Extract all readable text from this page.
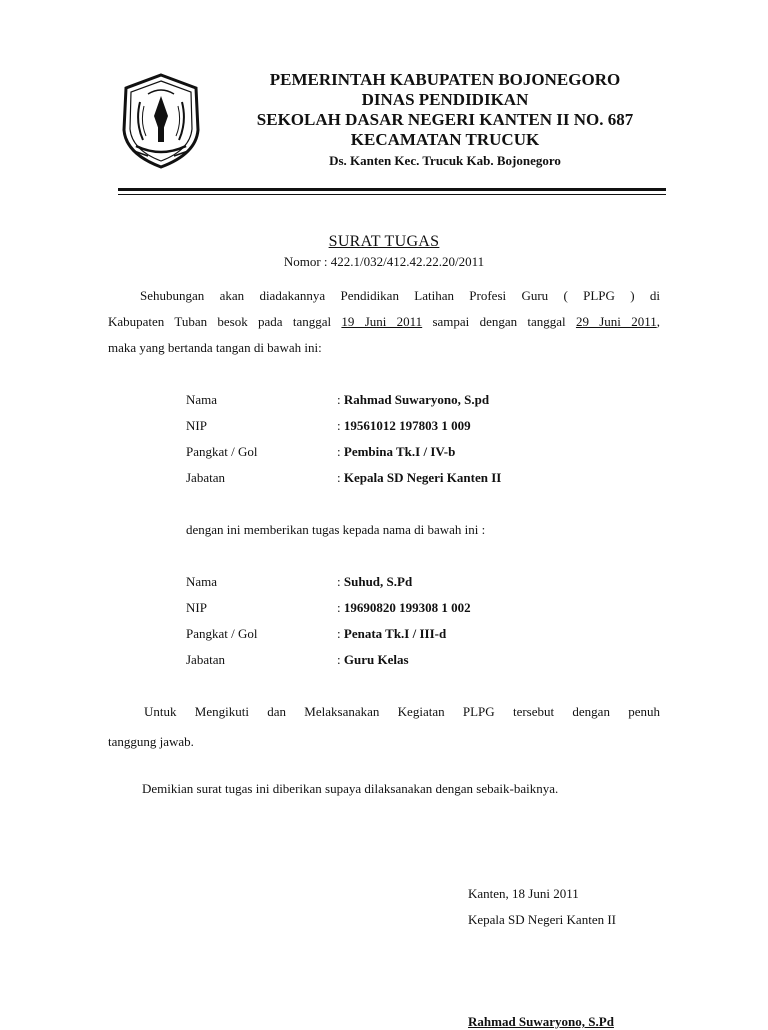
PEMERINTAH KABUPATEN BOJONEGORO
DINAS PENDIDIKAN
SEKOLAH DASAR NEGERI KANTEN II NO. 687
KECAMATAN TRUCUK
Ds. Kanten Kec. Trucuk Kab. Bojonegoro
SURAT TUGAS
Nomor : 422.1/032/412.42.22.20/2011
Sehubungan akan diadakannya Pendidikan Latihan Profesi Guru ( PLPG ) di
Kabupaten Tuban besok pada tanggal 19 Juni 2011 sampai dengan tanggal 29 Juni 2011,
maka yang bertanda tangan di bawah ini:
Nama	: Rahmad Suwaryono, S.pd
NIP	: 19561012 197803 1 009
Pangkat / Gol	: Pembina Tk.I / IV-b
Jabatan	: Kepala SD Negeri Kanten II
dengan ini memberikan tugas kepada nama di bawah ini :
Nama	: Suhud, S.Pd
NIP	: 19690820 199308 1 002
Pangkat / Gol	: Penata Tk.I / III-d
Jabatan	: Guru Kelas
Untuk Mengikuti dan Melaksanakan Kegiatan PLPG tersebut dengan penuh
tanggung jawab.
Demikian surat tugas ini diberikan supaya dilaksanakan dengan sebaik-baiknya.
Kanten, 18 Juni 2011
Kepala SD Negeri Kanten II
Rahmad Suwaryono, S.Pd
